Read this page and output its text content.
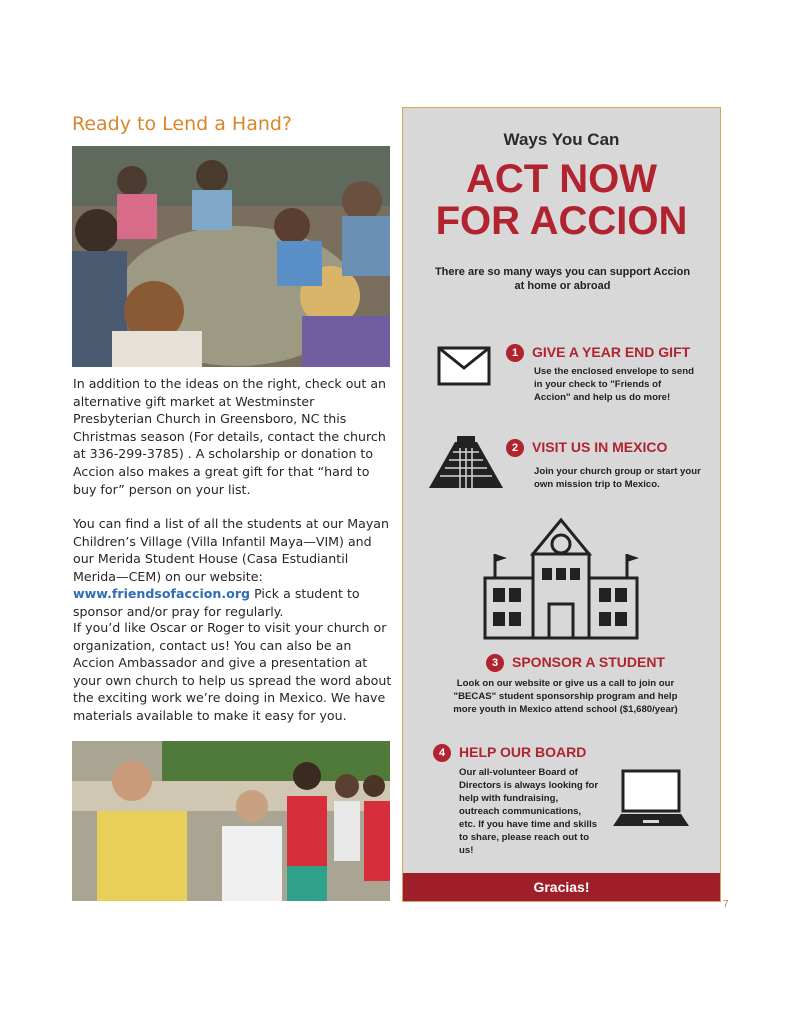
Ready to Lend a Hand?

In addition to the ideas on the right, check out an alternative gift market at Westminster Presbyterian Church in Greensboro, NC this Christmas season (For details, contact the church at 336-299-3785) . A scholarship or donation to Accion also makes a great gift for that “hard to buy for” person on your list.

You can find a list of all the students at our Mayan Children’s Village (Villa Infantil Maya—VIM) and our Merida Student House (Casa Estudiantil Merida—CEM) on our website: www.friendsofaccion.org Pick a student to sponsor and/or pray for regularly.

If you’d like Oscar or Roger to visit your church or organization, contact us! You can also be an Accion Ambassador and give a presentation at your own church to help us spread the word about the exciting work we’re doing in Mexico. We have materials available to make it easy for you.

Ways You Can
ACT NOW
FOR ACCION
There are so many ways you can support Accion at home or abroad
1 GIVE A YEAR END GIFT
Use the enclosed envelope to send in your check to "Friends of Accion" and help us do more!
2 VISIT US IN MEXICO
Join your church group or start your own mission trip to Mexico.
3 SPONSOR A STUDENT
Look on our website or give us a call to join our "BECAS" student sponsorship program and help more youth in Mexico attend school ($1,680/year)
4 HELP OUR BOARD
Our all-volunteer Board of Directors is always looking for help with fundraising, outreach communications, etc. If you have time and skills to share, please reach out to us!
Gracias!
7
